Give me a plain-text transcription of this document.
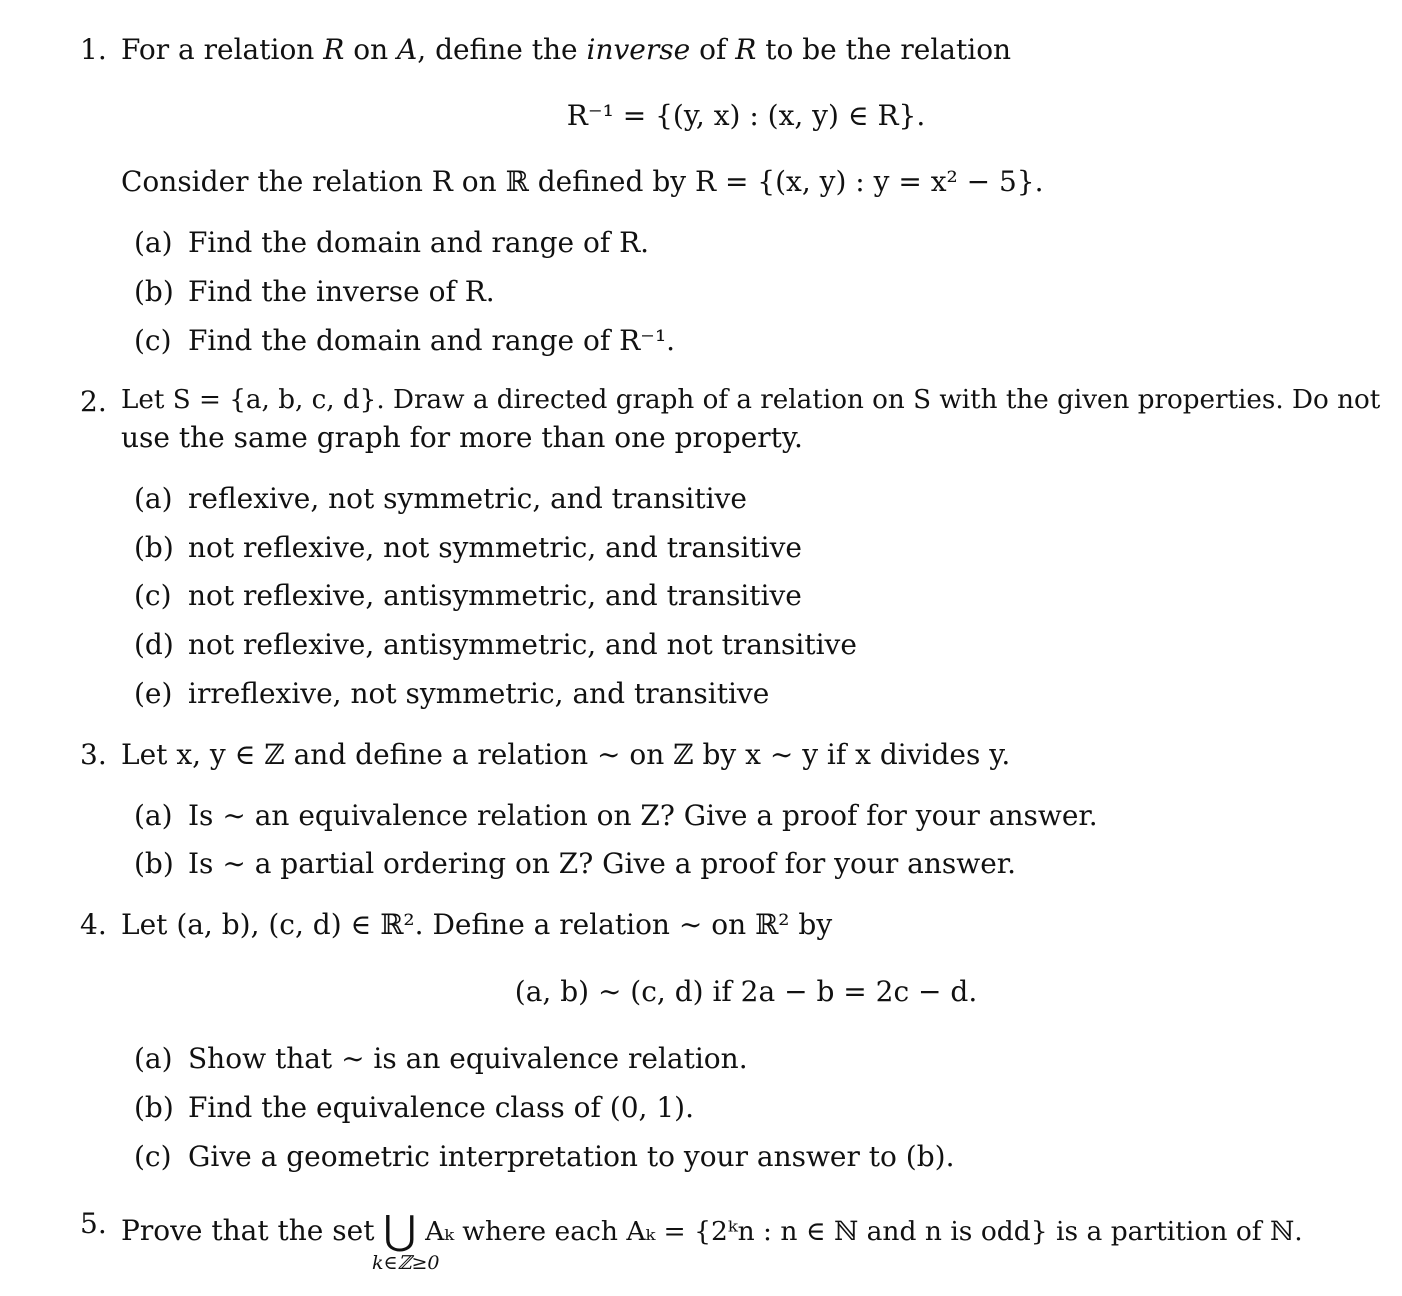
1. For a relation R on A, define the inverse of R to be the relation
R⁻¹ = {(y, x) : (x, y) ∈ R}.
Consider the relation R on ℝ defined by R = {(x, y) : y = x² − 5}.
(a) Find the domain and range of R.
(b) Find the inverse of R.
(c) Find the domain and range of R⁻¹.
2. Let S = {a, b, c, d}. Draw a directed graph of a relation on S with the given properties. Do not
use the same graph for more than one property.
(a) reflexive, not symmetric, and transitive
(b) not reflexive, not symmetric, and transitive
(c) not reflexive, antisymmetric, and transitive
(d) not reflexive, antisymmetric, and not transitive
(e) irreflexive, not symmetric, and transitive
3. Let x, y ∈ ℤ and define a relation ∼ on ℤ by x ∼ y if x divides y.
(a) Is ∼ an equivalence relation on Z? Give a proof for your answer.
(b) Is ∼ a partial ordering on Z? Give a proof for your answer.
4. Let (a, b), (c, d) ∈ ℝ². Define a relation ∼ on ℝ² by
(a, b) ∼ (c, d) if 2a − b = 2c − d.
(a) Show that ∼ is an equivalence relation.
(b) Find the equivalence class of (0, 1).
(c) Give a geometric interpretation to your answer to (b).
5. Prove that the set ⋃ Aₖ where each Aₖ = {2ᵏn : n ∈ ℕ and n is odd} is a partition of ℕ.
k∈ℤ≥0
